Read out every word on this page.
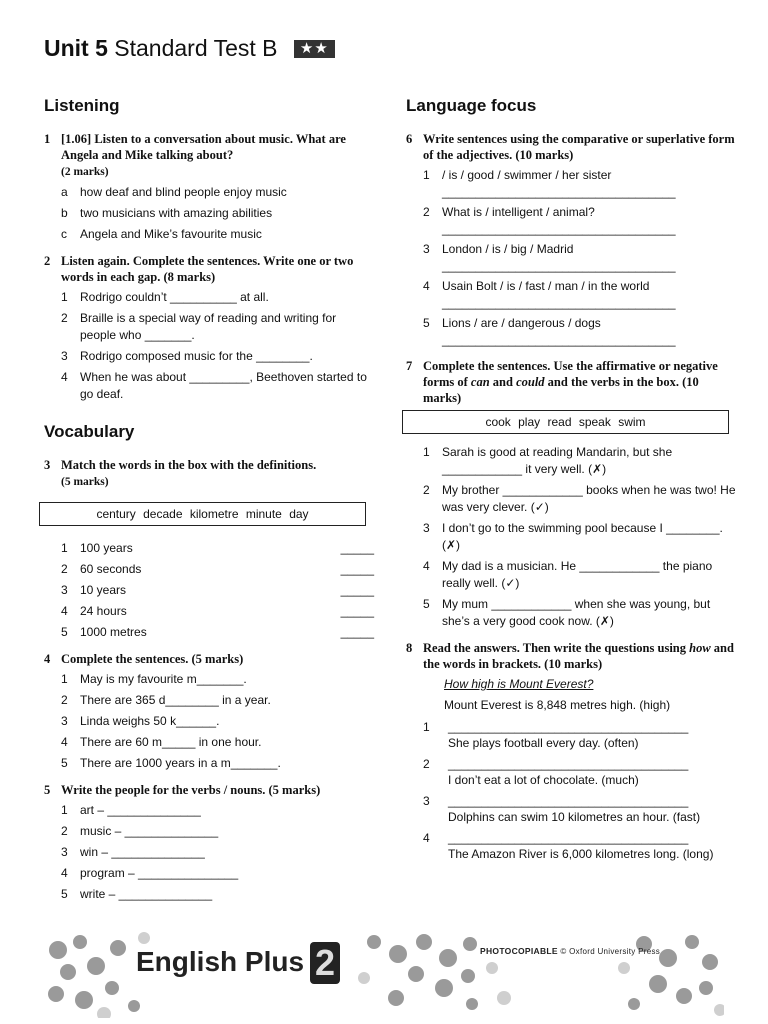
Unit 5 Standard Test B ★★
Listening
1 [1.06] Listen to a conversation about music. What are Angela and Mike talking about?
(2 marks)
a	how deaf and blind people enjoy music
b	two musicians with amazing abilities
c	Angela and Mike’s favourite music
2 Listen again. Complete the sentences. Write one or two words in each gap. (8 marks)
1	Rodrigo couldn’t __________ at all.
2	Braille is a special way of reading and writing for people who _______.
3	Rodrigo composed music for the ________.
4	When he was about _________, Beethoven started to go deaf.
Vocabulary
3 Match the words in the box with the definitions.
(5 marks)
century decade kilometre minute day
1	100 years	_____
2	60 seconds	_____
3	10 years	_____
4	24 hours	_____
5	1000 metres	_____
4 Complete the sentences. (5 marks)
1	May is my favourite m_______.
2	There are 365 d________ in a year.
3	Linda weighs 50 k______.
4	There are 60 m_____ in one hour.
5	There are 1000 years in a m_______.
5 Write the people for the verbs / nouns. (5 marks)
1	art – ______________
2	music – ______________
3	win – ______________
4	program – _______________
5	write – ______________
Language focus
6 Write sentences using the comparative or superlative form of the adjectives. (10 marks)
1	/ is / good / swimmer / her sister
___________________________________
2	What is / intelligent / animal?
___________________________________
3	London / is / big / Madrid
___________________________________
4	Usain Bolt / is / fast / man / in the world
___________________________________
5	Lions / are / dangerous / dogs
___________________________________
7 Complete the sentences. Use the affirmative or negative forms of can and could and the verbs in the box. (10 marks)
cook play read speak swim
1	Sarah is good at reading Mandarin, but she ____________ it very well. (✗)
2	My brother ____________ books when he was two! He was very clever. (✓)
3	I don’t go to the swimming pool because I ________. (✗)
4	My dad is a musician. He ____________ the piano really well. (✓)
5	My mum ____________ when she was young, but she’s a very good cook now. (✗)
8 Read the answers. Then write the questions using how and the words in brackets. (10 marks)
How high is Mount Everest?
Mount Everest is 8,848 metres high. (high)
1	____________________________________
She plays football every day. (often)
2	____________________________________
I don’t eat a lot of chocolate. (much)
3	____________________________________
Dolphins can swim 10 kilometres an hour. (fast)
4	____________________________________
The Amazon River is 6,000 kilometres long. (long)
English Plus 2	PHOTOCOPIABLE © Oxford University Press
